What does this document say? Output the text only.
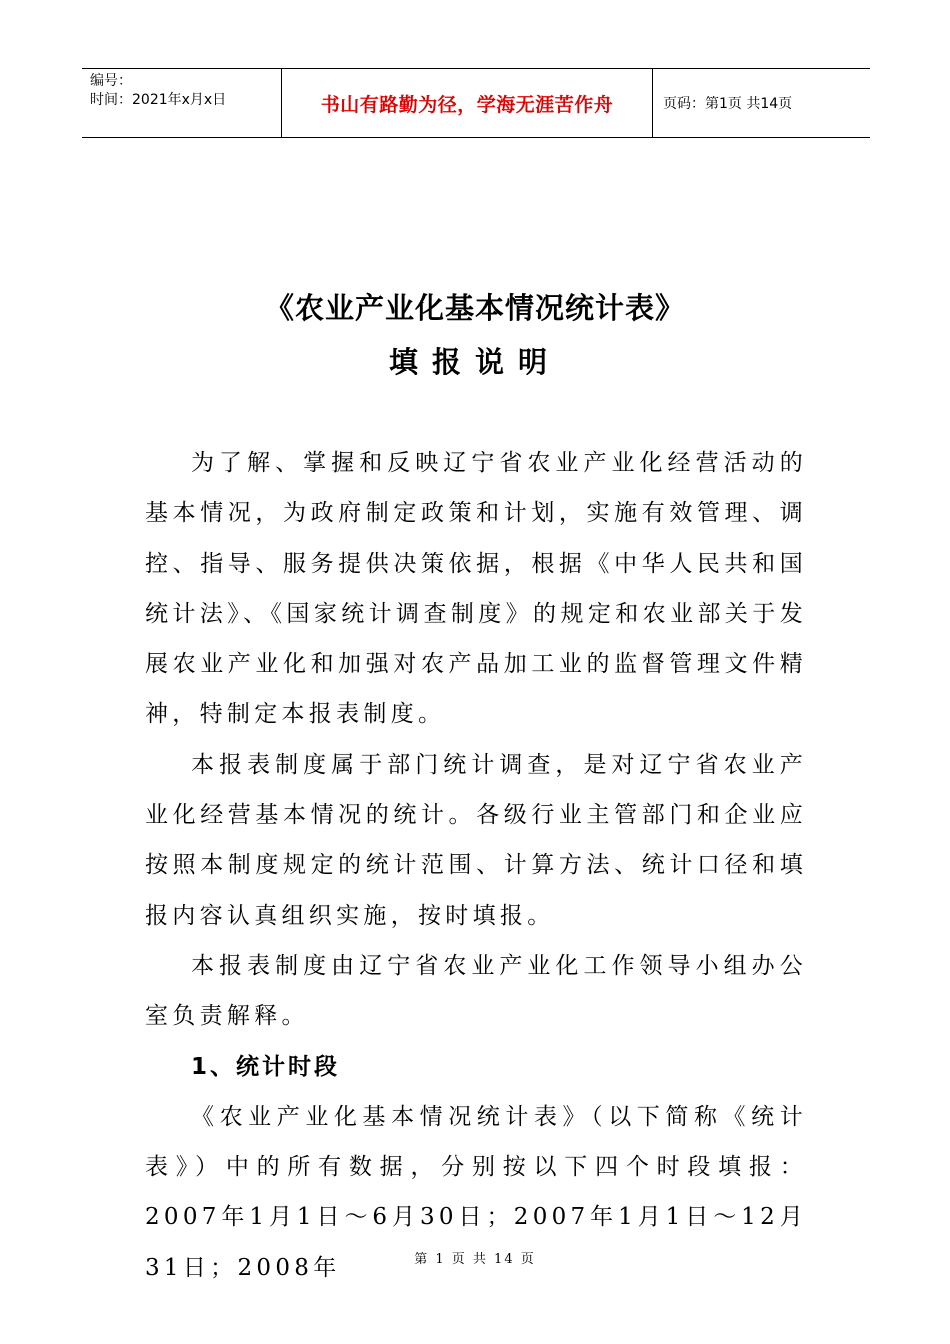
编号：
时间：2021年x月x日	书山有路勤为径，学海无涯苦作舟	页码：第1页 共14页
《农业产业化基本情况统计表》
填报说明

为了解、掌握和反映辽宁省农业产业化经营活动的基本情况，为政府制定政策和计划，实施有效管理、调控、指导、服务提供决策依据，根据《中华人民共和国统计法》、《国家统计调查制度》的规定和农业部关于发展农业产业化和加强对农产品加工业的监督管理文件精神，特制定本报表制度。

本报表制度属于部门统计调查，是对辽宁省农业产业化经营基本情况的统计。各级行业主管部门和企业应按照本制度规定的统计范围、计算方法、统计口径和填报内容认真组织实施，按时填报。

本报表制度由辽宁省农业产业化工作领导小组办公室负责解释。

1、统计时段

《农业产业化基本情况统计表》（以下简称《统计表》）中的所有数据，分别按以下四个时段填报：2007年1月1日～6月30日；2007年1月1日～12月31日；2008年	第 1 页 共 14 页
